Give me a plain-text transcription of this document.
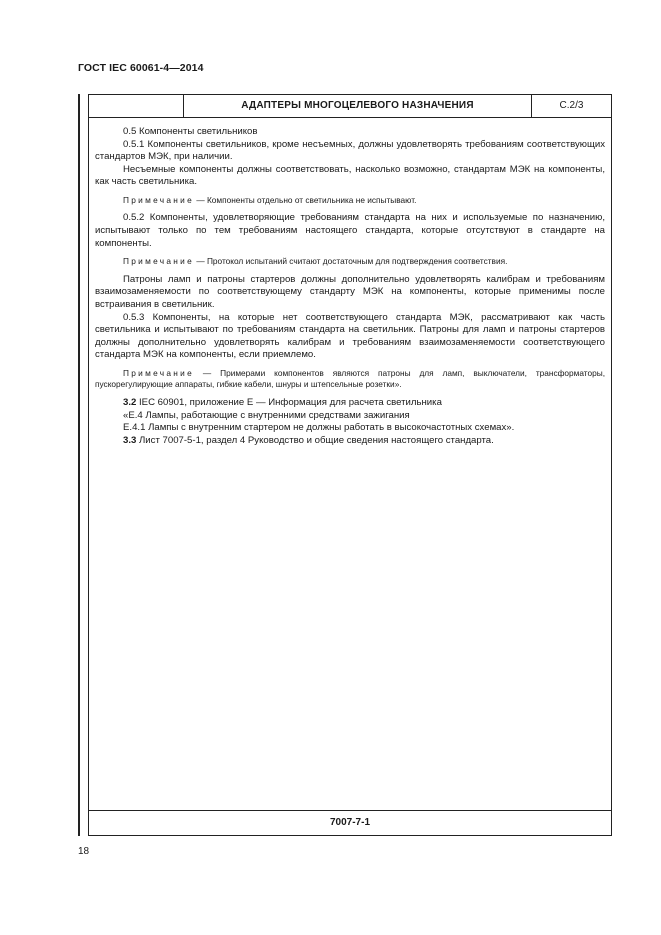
ГОСТ IEC 60061-4—2014
АДАПТЕРЫ МНОГОЦЕЛЕВОГО НАЗНАЧЕНИЯ	С.2/3

0.5 Компоненты светильников

0.5.1 Компоненты светильников, кроме несъемных, должны удовлетворять требованиям соответствующих стандартов МЭК, при наличии.

Несъемные компоненты должны соответствовать, насколько возможно, стандартам МЭК на компоненты, как часть светильника.

Примечание — Компоненты отдельно от светильника не испытывают.

0.5.2 Компоненты, удовлетворяющие требованиям стандарта на них и используемые по назначению, испытывают только по тем требованиям настоящего стандарта, которые отсутствуют в стандарте на компоненты.

Примечание — Протокол испытаний считают достаточным для подтверждения соответствия.

Патроны ламп и патроны стартеров должны дополнительно удовлетворять калибрам и требованиям взаимозаменяемости по соответствующему стандарту МЭК на компоненты, которые применимы после встраивания в светильник.

0.5.3 Компоненты, на которые нет соответствующего стандарта МЭК, рассматривают как часть светильника и испытывают по требованиям стандарта на светильник. Патроны для ламп и патроны стартеров должны дополнительно удовлетворять калибрам и требованиям взаимозаменяемости соответствующего стандарта МЭК на компоненты, если приемлемо.

Примечание — Примерами компонентов являются патроны для ламп, выключатели, трансформаторы, пускорегулирующие аппараты, гибкие кабели, шнуры и штепсельные розетки».

3.2 IEC 60901, приложение Е — Информация для расчета светильника

«Е.4 Лампы, работающие с внутренними средствами зажигания

Е.4.1 Лампы с внутренним стартером не должны работать в высокочастотных схемах».

3.3 Лист 7007-5-1, раздел 4 Руководство и общие сведения настоящего стандарта.

7007-7-1
18
